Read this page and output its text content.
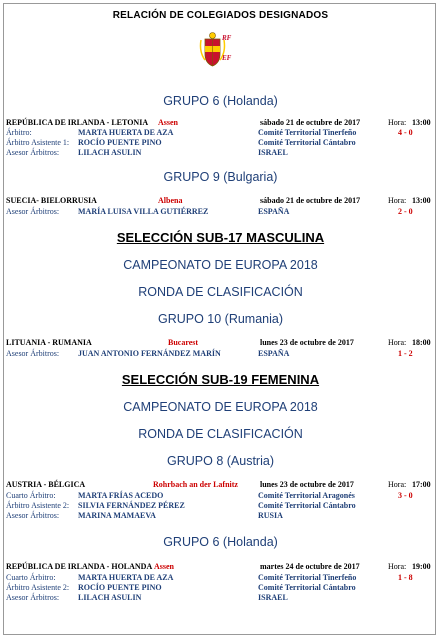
RELACIÓN DE COLEGIADOS DESIGNADOS
RF
EF
GRUPO 6 (Holanda)
REPÚBLICA DE IRLANDA - LETONIA Assen	sábado 21 de octubre de 2017	Hora: 13:00
Árbitro:	MARTA HUERTA DE AZA	Comité Territorial Tinerfeño	4 - 0
Árbitro Asistente 1: ROCÍO PUENTE PINO	Comité Territorial Cántabro
Asesor Árbitros: LILACH ASULIN	ISRAEL
GRUPO 9 (Bulgaria)
SUECIA- BIELORRUSIA	Albena	sábado 21 de octubre de 2017	Hora: 13:00
Asesor Árbitros: MARÍA LUISA VILLA GUTIÉRREZ	ESPAÑA	2 - 0
SELECCIÓN SUB-17 MASCULINA
CAMPEONATO DE EUROPA 2018
RONDA DE CLASIFICACIÓN
GRUPO 10 (Rumania)
LITUANIA - RUMANIA	Bucarest	lunes 23 de octubre de 2017	Hora: 18:00
Asesor Árbitros: JUAN ANTONIO FERNÁNDEZ MARÍN	ESPAÑA	1 - 2
SELECCIÓN SUB-19 FEMENINA
CAMPEONATO DE EUROPA 2018
RONDA DE CLASIFICACIÓN
GRUPO 8 (Austria)
AUSTRIA - BÉLGICA	Rohrbach an der Lafnitz	lunes 23 de octubre de 2017	Hora: 17:00
Cuarto Árbitro:	MARTA FRÍAS ACEDO	Comité Territorial Aragonés	3 - 0
Árbitro Asistente 2: SILVIA FERNÁNDEZ PÉREZ	Comité Territorial Cántabro
Asesor Árbitros: MARINA MAMAEVA	RUSIA
GRUPO 6 (Holanda)
REPÚBLICA DE IRLANDA - HOLANDA Assen	martes 24 de octubre de 2017	Hora: 19:00
Cuarto Árbitro:	MARTA HUERTA DE AZA	Comité Territorial Tinerfeño	1 - 8
Árbitro Asistente 2: ROCÍO PUENTE PINO	Comité Territorial Cántabro
Asesor Árbitros: LILACH ASULIN	ISRAEL
